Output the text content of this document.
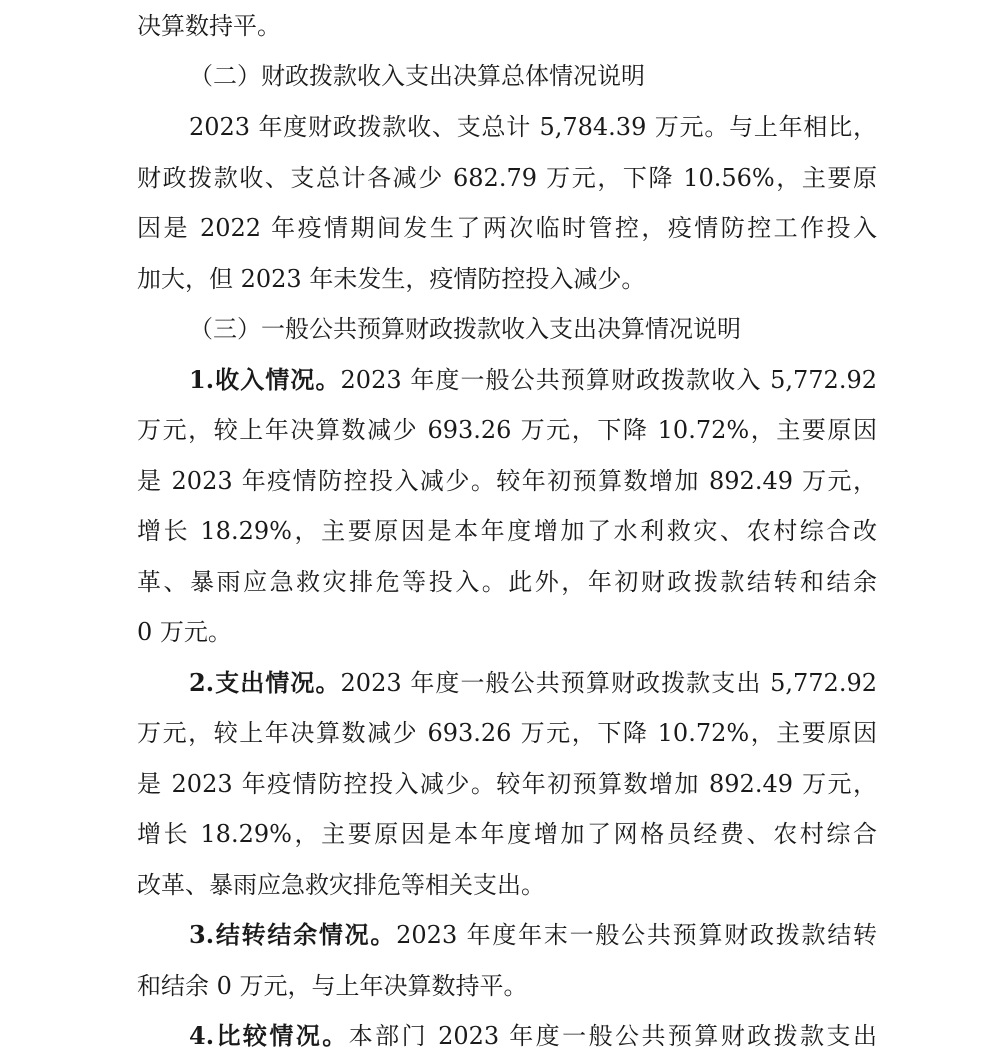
决算数持平。
（二）财政拨款收入支出决算总体情况说明
2023 年度财政拨款收、支总计 5,784.39 万元。与上年相比，
财政拨款收、支总计各减少 682.79 万元，下降 10.56%，主要原
因是 2022 年疫情期间发生了两次临时管控，疫情防控工作投入
加大，但 2023 年未发生，疫情防控投入减少。
（三）一般公共预算财政拨款收入支出决算情况说明
1.收入情况。2023 年度一般公共预算财政拨款收入 5,772.92
万元，较上年决算数减少 693.26 万元，下降 10.72%，主要原因
是 2023 年疫情防控投入减少。较年初预算数增加 892.49 万元，
增长 18.29%，主要原因是本年度增加了水利救灾、农村综合改
革、暴雨应急救灾排危等投入。此外，年初财政拨款结转和结余
0 万元。
2.支出情况。2023 年度一般公共预算财政拨款支出 5,772.92
万元，较上年决算数减少 693.26 万元，下降 10.72%，主要原因
是 2023 年疫情防控投入减少。较年初预算数增加 892.49 万元，
增长 18.29%，主要原因是本年度增加了网格员经费、农村综合
改革、暴雨应急救灾排危等相关支出。
3.结转结余情况。2023 年度年末一般公共预算财政拨款结转
和结余 0 万元，与上年决算数持平。
4.比较情况。本部门 2023 年度一般公共预算财政拨款支出
